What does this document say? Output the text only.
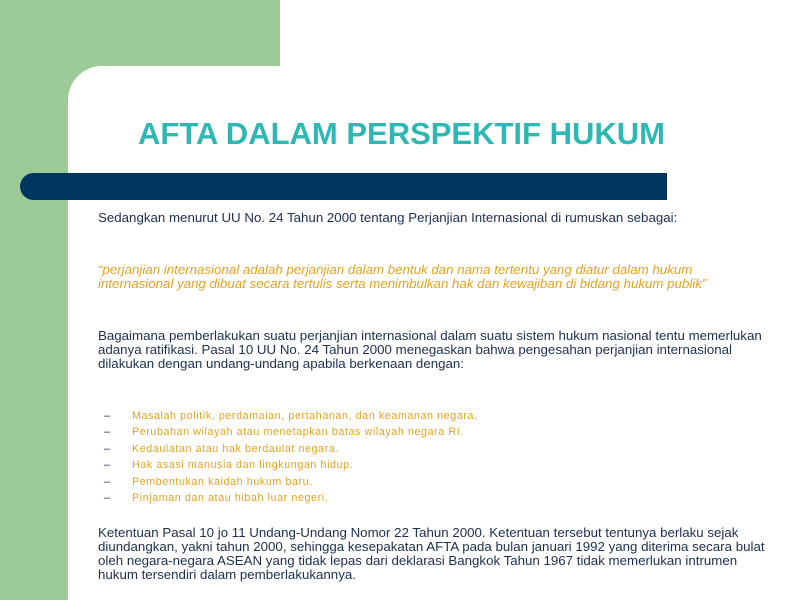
AFTA DALAM PERSPEKTIF HUKUM

Sedangkan menurut UU No. 24 Tahun 2000 tentang Perjanjian Internasional di rumuskan sebagai:

“perjanjian internasional adalah perjanjian dalam bentuk dan nama tertentu yang diatur dalam hukum internasional yang dibuat secara tertulis serta menimbulkan hak dan kewajiban di bidang hukum publik”

Bagaimana pemberlakukan suatu perjanjian internasional dalam suatu sistem hukum nasional tentu memerlukan adanya ratifikasi. Pasal 10 UU No. 24 Tahun 2000 menegaskan bahwa pengesahan perjanjian internasional dilakukan dengan undang-undang apabila berkenaan dengan:

– Masalah politik, perdamaian, pertahanan, dan keamanan negara.
– Perubahan wilayah atau menetapkan batas wilayah negara RI.
– Kedaulatan atau hak berdaulat negara.
– Hak asasi manusia dan lingkungan hidup.
– Pembentukan kaidah hukum baru.
– Pinjaman dan atau hibah luar negeri.

Ketentuan Pasal 10 jo 11 Undang-Undang Nomor 22 Tahun 2000. Ketentuan tersebut tentunya berlaku sejak diundangkan, yakni tahun 2000, sehingga kesepakatan AFTA pada bulan januari 1992 yang diterima secara bulat oleh negara-negara ASEAN yang tidak lepas dari deklarasi Bangkok Tahun 1967 tidak memerlukan intrumen hukum tersendiri dalam pemberlakukannya.
